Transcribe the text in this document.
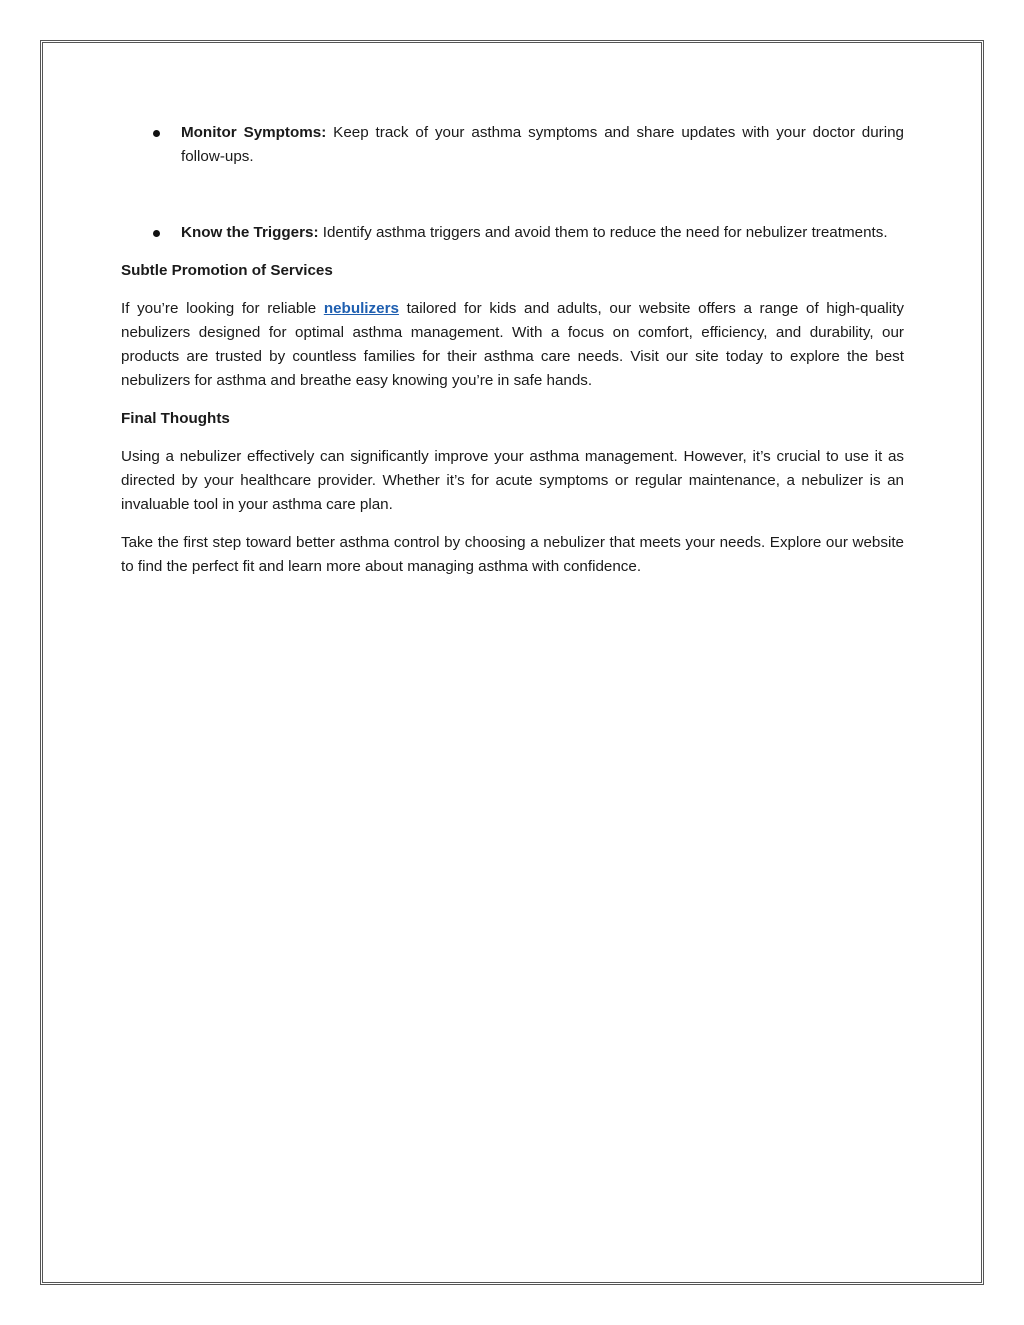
Monitor Symptoms: Keep track of your asthma symptoms and share updates with your doctor during follow-ups.

Know the Triggers: Identify asthma triggers and avoid them to reduce the need for nebulizer treatments.

Subtle Promotion of Services

If you’re looking for reliable nebulizers tailored for kids and adults, our website offers a range of high-quality nebulizers designed for optimal asthma management. With a focus on comfort, efficiency, and durability, our products are trusted by countless families for their asthma care needs. Visit our site today to explore the best nebulizers for asthma and breathe easy knowing you’re in safe hands.

Final Thoughts

Using a nebulizer effectively can significantly improve your asthma management. However, it’s crucial to use it as directed by your healthcare provider. Whether it’s for acute symptoms or regular maintenance, a nebulizer is an invaluable tool in your asthma care plan.

Take the first step toward better asthma control by choosing a nebulizer that meets your needs. Explore our website to find the perfect fit and learn more about managing asthma with confidence.
